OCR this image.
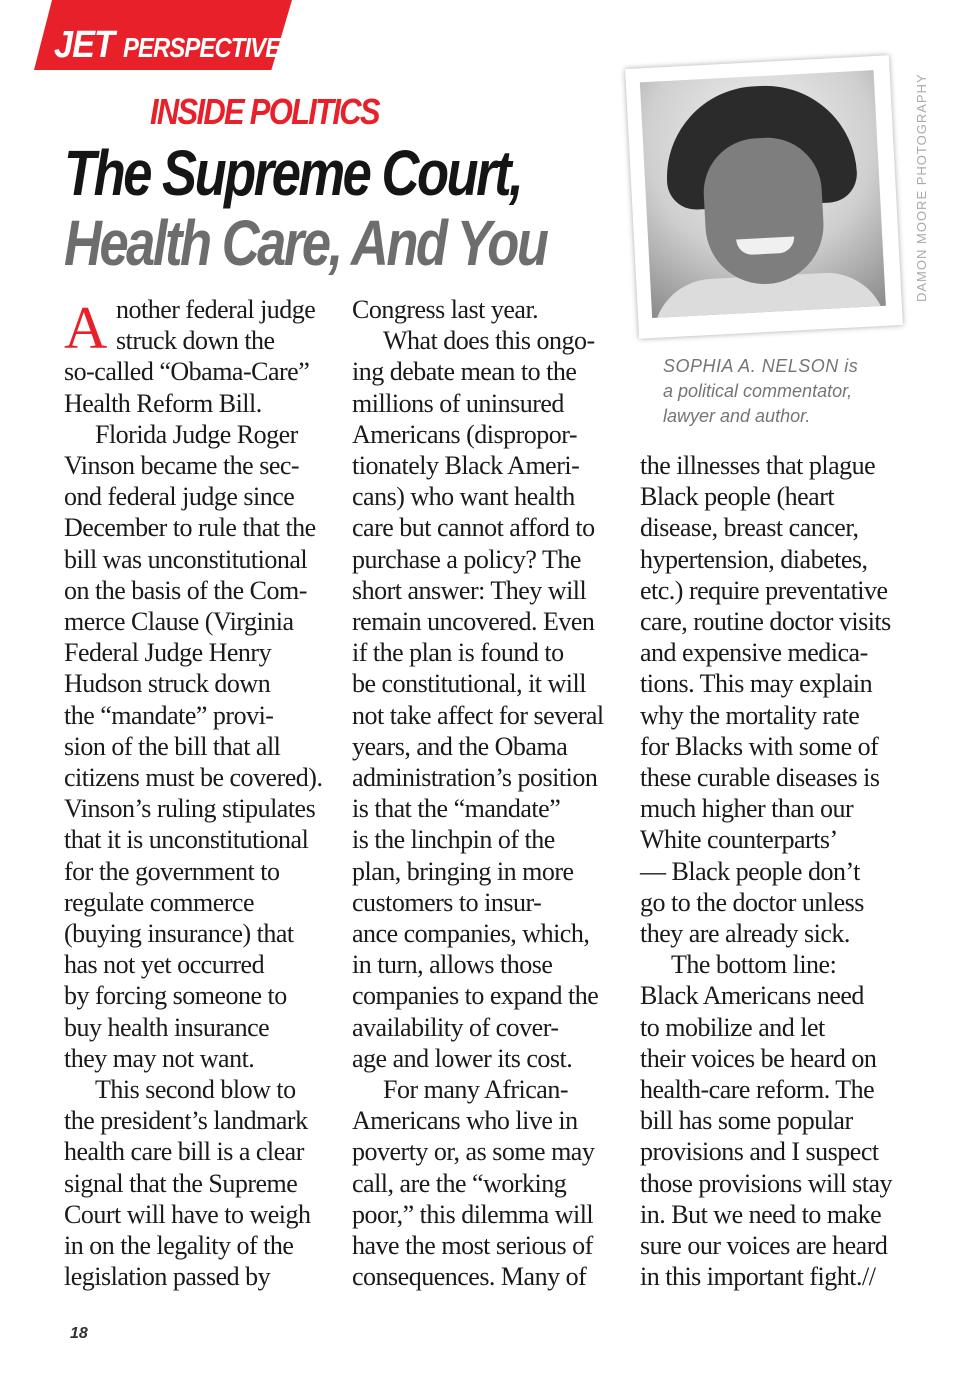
JET PERSPECTIVE
INSIDE POLITICS
The Supreme Court,
Health Care, And You	DAMON MOORE PHOTOGRAPHY
SOPHIA A. NELSON is
a political commentator,
lawyer and author.
A nother federal judge
struck down the
so-called “Obama-Care”
Health Reform Bill.
Florida Judge Roger
Vinson became the sec-
ond federal judge since
December to rule that the
bill was unconstitutional
on the basis of the Com-
merce Clause (Virginia
Federal Judge Henry
Hudson struck down
the “mandate” provi-
sion of the bill that all
citizens must be covered).
Vinson’s ruling stipulates
that it is unconstitutional
for the government to
regulate commerce
(buying insurance) that
has not yet occurred
by forcing someone to
buy health insurance
they may not want.
This second blow to
the president’s landmark
health care bill is a clear
signal that the Supreme
Court will have to weigh
in on the legality of the
legislation passed by
Congress last year.
What does this ongo-
ing debate mean to the
millions of uninsured
Americans (dispropor-
tionately Black Ameri-
cans) who want health
care but cannot afford to
purchase a policy? The
short answer: They will
remain uncovered. Even
if the plan is found to
be constitutional, it will
not take affect for several
years, and the Obama
administration’s position
is that the “mandate”
is the linchpin of the
plan, bringing in more
customers to insur-
ance companies, which,
in turn, allows those
companies to expand the
availability of cover-
age and lower its cost.
For many African-
Americans who live in
poverty or, as some may
call, are the “working
poor,” this dilemma will
have the most serious of
consequences. Many of
the illnesses that plague
Black people (heart
disease, breast cancer,
hypertension, diabetes,
etc.) require preventative
care, routine doctor visits
and expensive medica-
tions. This may explain
why the mortality rate
for Blacks with some of
these curable diseases is
much higher than our
White counterparts’
— Black people don’t
go to the doctor unless
they are already sick.
The bottom line:
Black Americans need
to mobilize and let
their voices be heard on
health-care reform. The
bill has some popular
provisions and I suspect
those provisions will stay
in. But we need to make
sure our voices are heard
in this important fight.//
18
